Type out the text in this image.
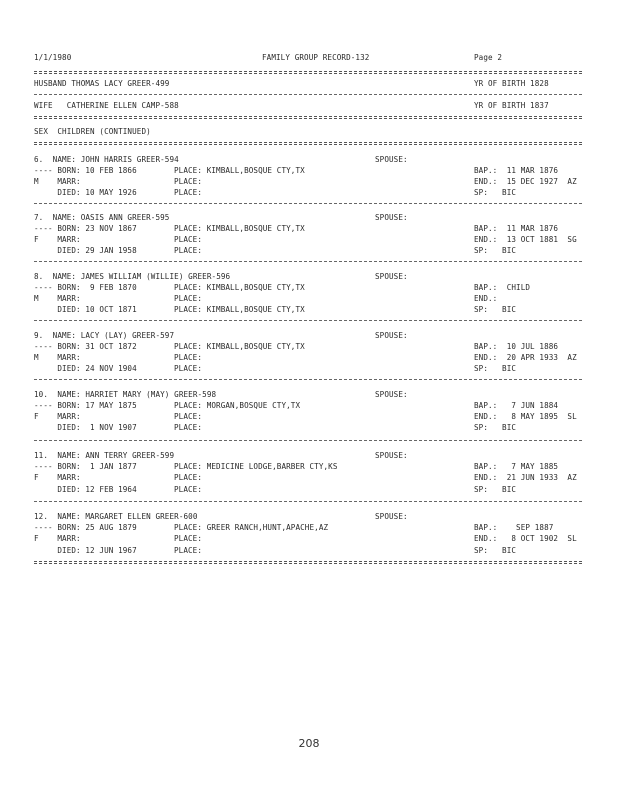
1/1/1980	FAMILY GROUP RECORD-132	Page 2
HUSBAND THOMAS LACY GREER-499	YR OF BIRTH 1828
WIFE   CATHERINE ELLEN CAMP-588	YR OF BIRTH 1837
SEX  CHILDREN (CONTINUED)
6.  NAME: JOHN HARRIS GREER-594	SPOUSE:
---- BORN: 10 FEB 1866	PLACE: KIMBALL,BOSQUE CTY,TX	BAP.:  11 MAR 1876
M    MARR:	PLACE:	END.:  15 DEC 1927  AZ
DIED: 10 MAY 1926	PLACE:	SP:   BIC
7.  NAME: OASIS ANN GREER-595	SPOUSE:
---- BORN: 23 NOV 1867	PLACE: KIMBALL,BOSQUE CTY,TX	BAP.:  11 MAR 1876
F    MARR:	PLACE:	END.:  13 OCT 1881  SG
DIED: 29 JAN 1958	PLACE:	SP:   BIC
8.  NAME: JAMES WILLIAM (WILLIE) GREER-596	SPOUSE:
---- BORN:  9 FEB 1870	PLACE: KIMBALL,BOSQUE CTY,TX	BAP.:  CHILD
M    MARR:	PLACE:	END.:
DIED: 10 OCT 1871	PLACE: KIMBALL,BOSQUE CTY,TX	SP:   BIC
9.  NAME: LACY (LAY) GREER-597	SPOUSE:
---- BORN: 31 OCT 1872	PLACE: KIMBALL,BOSQUE CTY,TX	BAP.:  10 JUL 1886
M    MARR:	PLACE:	END.:  20 APR 1933  AZ
DIED: 24 NOV 1904	PLACE:	SP:   BIC
10.  NAME: HARRIET MARY (MAY) GREER-598	SPOUSE:
---- BORN: 17 MAY 1875	PLACE: MORGAN,BOSQUE CTY,TX	BAP.:   7 JUN 1884
F    MARR:	PLACE:	END.:   8 MAY 1895  SL
DIED:  1 NOV 1907	PLACE:	SP:   BIC
11.  NAME: ANN TERRY GREER-599	SPOUSE:
---- BORN:  1 JAN 1877	PLACE: MEDICINE LODGE,BARBER CTY,KS	BAP.:   7 MAY 1885
F    MARR:	PLACE:	END.:  21 JUN 1933  AZ
DIED: 12 FEB 1964	PLACE:	SP:   BIC
12.  NAME: MARGARET ELLEN GREER-600	SPOUSE:
---- BORN: 25 AUG 1879	PLACE: GREER RANCH,HUNT,APACHE,AZ	BAP.:    SEP 1887
F    MARR:	PLACE:	END.:   8 OCT 1902  SL
DIED: 12 JUN 1967	PLACE:	SP:   BIC
208
